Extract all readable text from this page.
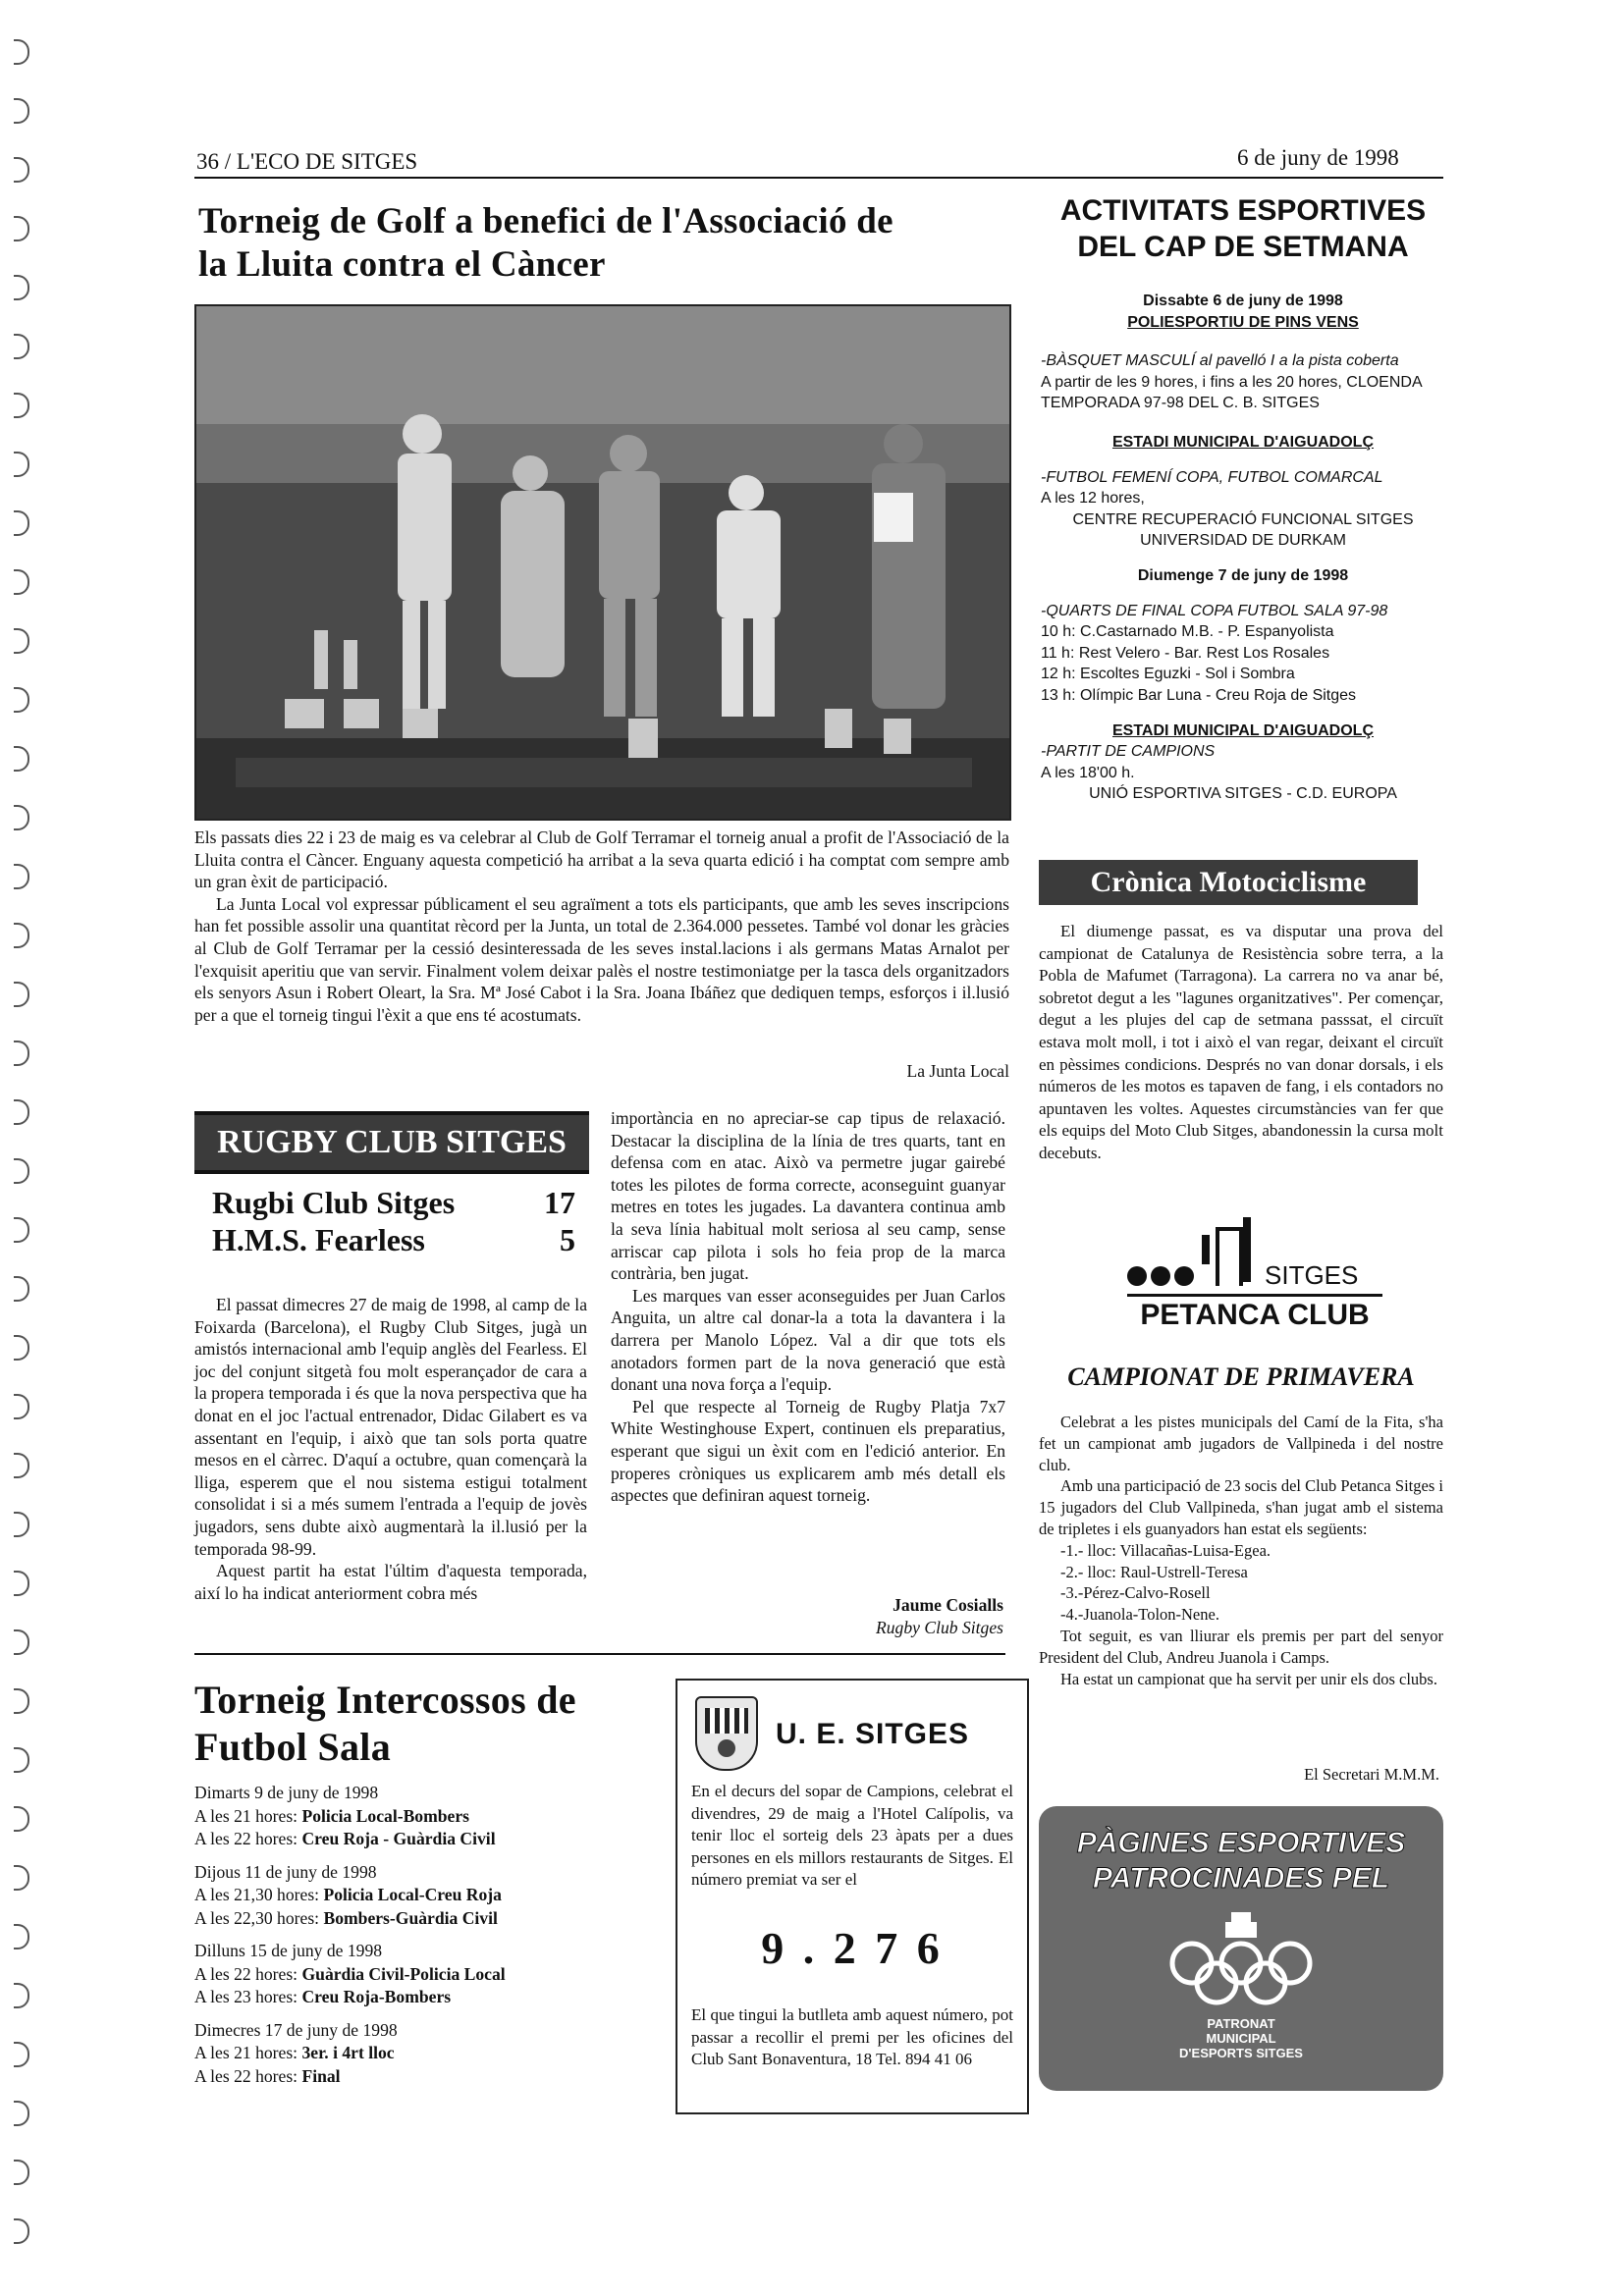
36 / L'ECO DE SITGES	6 de juny de 1998
Torneig de Golf a benefici de l'Associació de
la Lluita contra el Càncer

Els passats dies 22 i 23 de maig es va celebrar al Club de Golf Terramar el torneig anual a profit de l'Associació de la Lluita contra el Càncer. Enguany aquesta competició ha arribat a la seva quarta edició i ha comptat com sempre amb un gran èxit de participació.

La Junta Local vol expressar públicament el seu agraïment a tots els participants, que amb les seves inscripcions han fet possible assolir una quantitat rècord per la Junta, un total de 2.364.000 pessetes. També vol donar les gràcies al Club de Golf Terramar per la cessió desinteressada de les seves instal.lacions i als germans Matas Arnalot per l'exquisit aperitiu que van servir. Finalment volem deixar palès el nostre testimoniatge per la tasca dels organitzadors els senyors Asun i Robert Oleart, la Sra. Mª José Cabot i la Sra. Joana Ibáñez que dediquen temps, esforços i il.lusió per a que el torneig tingui l'èxit a que ens té acostumats.

La Junta Local
RUGBY CLUB SITGES
Rugbi Club Sitges	17
H.M.S. Fearless	5

El passat dimecres 27 de maig de 1998, al camp de la Foixarda (Barcelona), el Rugby Club Sitges, jugà un amistós internacional amb l'equip anglès del Fearless. El joc del conjunt sitgetà fou molt esperançador de cara a la propera temporada i és que la nova perspectiva que ha donat en el joc l'actual entrenador, Didac Gilabert es va assentant en l'equip, i això que tan sols porta quatre mesos en el càrrec. D'aquí a octubre, quan començarà la lliga, esperem que el nou sistema estigui totalment consolidat i si a més sumem l'entrada a l'equip de jovès jugadors, sens dubte això augmentarà la il.lusió per la temporada 98-99.

Aquest partit ha estat l'últim d'aquesta temporada, així lo ha indicat anteriorment cobra més

importància en no apreciar-se cap tipus de relaxació. Destacar la disciplina de la línia de tres quarts, tant en defensa com en atac. Això va permetre jugar gairebé totes les pilotes de forma correcte, aconseguint guanyar metres en totes les jugades. La davantera continua amb la seva línia habitual molt seriosa al seu camp, sense arriscar cap pilota i sols ho feia prop de la marca contrària, ben jugat.

Les marques van esser aconseguides per Juan Carlos Anguita, un altre cal donar-la a tota la davantera i la darrera per Manolo López. Val a dir que tots els anotadors formen part de la nova generació que està donant una nova força a l'equip.

Pel que respecte al Torneig de Rugby Platja 7x7 White Westinghouse Expert, continuen els preparatius, esperant que sigui un èxit com en l'edició anterior. En properes cròniques us explicarem amb més detall els aspectes que definiran aquest torneig.

Jaume Cosialls
Rugby Club Sitges
Torneig Intercossos de
Futbol Sala
Dimarts 9 de juny de 1998
A les 21 hores: Policia Local-Bombers
A les 22 hores: Creu Roja - Guàrdia Civil
Dijous 11 de juny de 1998
A les 21,30 hores: Policia Local-Creu Roja
A les 22,30 hores: Bombers-Guàrdia Civil
Dilluns 15 de juny de 1998
A les 22 hores: Guàrdia Civil-Policia Local
A les 23 hores: Creu Roja-Bombers
Dimecres 17 de juny de 1998
A les 21 hores: 3er. i 4rt lloc
A les 22 hores: Final
U. E. SITGES
En el decurs del sopar de Campions, celebrat el divendres, 29 de maig a l'Hotel Calípolis, va tenir lloc el sorteig dels 23 àpats per a dues persones en els millors restaurants de Sitges. El número premiat va ser el
9 . 2 7 6
El que tingui la butlleta amb aquest número, pot passar a recollir el premi per les oficines del Club Sant Bonaventura, 18 Tel. 894 41 06
ACTIVITATS ESPORTIVES
DEL CAP DE SETMANA
Dissabte 6 de juny de 1998
POLIESPORTIU DE PINS VENS
-BÀSQUET MASCULÍ al pavelló I a la pista coberta
A partir de les 9 hores, i fins a les 20 hores, CLOENDA TEMPORADA 97-98 DEL C. B. SITGES
ESTADI MUNICIPAL D'AIGUADOLÇ
-FUTBOL FEMENÍ COPA, FUTBOL COMARCAL
A les 12 hores,
CENTRE RECUPERACIÓ FUNCIONAL SITGES
UNIVERSIDAD DE DURKAM
Diumenge 7 de juny de 1998
-QUARTS DE FINAL COPA FUTBOL SALA 97-98
10 h: C.Castarnado M.B. - P. Espanyolista
11 h: Rest Velero - Bar. Rest Los Rosales
12 h: Escoltes Eguzki - Sol i Sombra
13 h: Olímpic Bar Luna - Creu Roja de Sitges
ESTADI MUNICIPAL D'AIGUADOLÇ
-PARTIT DE CAMPIONS
A les 18'00 h.
UNIÓ ESPORTIVA SITGES - C.D. EUROPA
Crònica Motociclisme
El diumenge passat, es va disputar una prova del campionat de Catalunya de Resistència sobre terra, a la Pobla de Mafumet (Tarragona). La carrera no va anar bé, sobretot degut a les "lagunes organitzatives". Per començar, degut a les plujes del cap de setmana passsat, el circuït estava molt moll, i tot i això el van regar, deixant el circuït en pèssimes condicions. Després no van donar dorsals, i els números de les motos es tapaven de fang, i els contadors no apuntaven les voltes. Aquestes circumstàncies van fer que els equips del Moto Club Sitges, abandonessin la cursa molt decebuts.
SITGES
PETANCA CLUB
CAMPIONAT DE PRIMAVERA

Celebrat a les pistes municipals del Camí de la Fita, s'ha fet un campionat amb jugadors de Vallpineda i del nostre club.

Amb una participació de 23 socis del Club Petanca Sitges i 15 jugadors del Club Vallpineda, s'han jugat amb el sistema de tripletes i els guanyadors han estat els següents:

-1.- lloc: Villacañas-Luisa-Egea.
-2.- lloc: Raul-Ustrell-Teresa
-3.-Pérez-Calvo-Rosell
-4.-Juanola-Tolon-Nene.

Tot seguit, es van lliurar els premis per part del senyor President del Club, Andreu Juanola i Camps.

Ha estat un campionat que ha servit per unir els dos clubs.

El Secretari M.M.M.
PÀGINES ESPORTIVES
PATROCINADES PEL
PATRONAT MUNICIPAL D'ESPORTS SITGES
